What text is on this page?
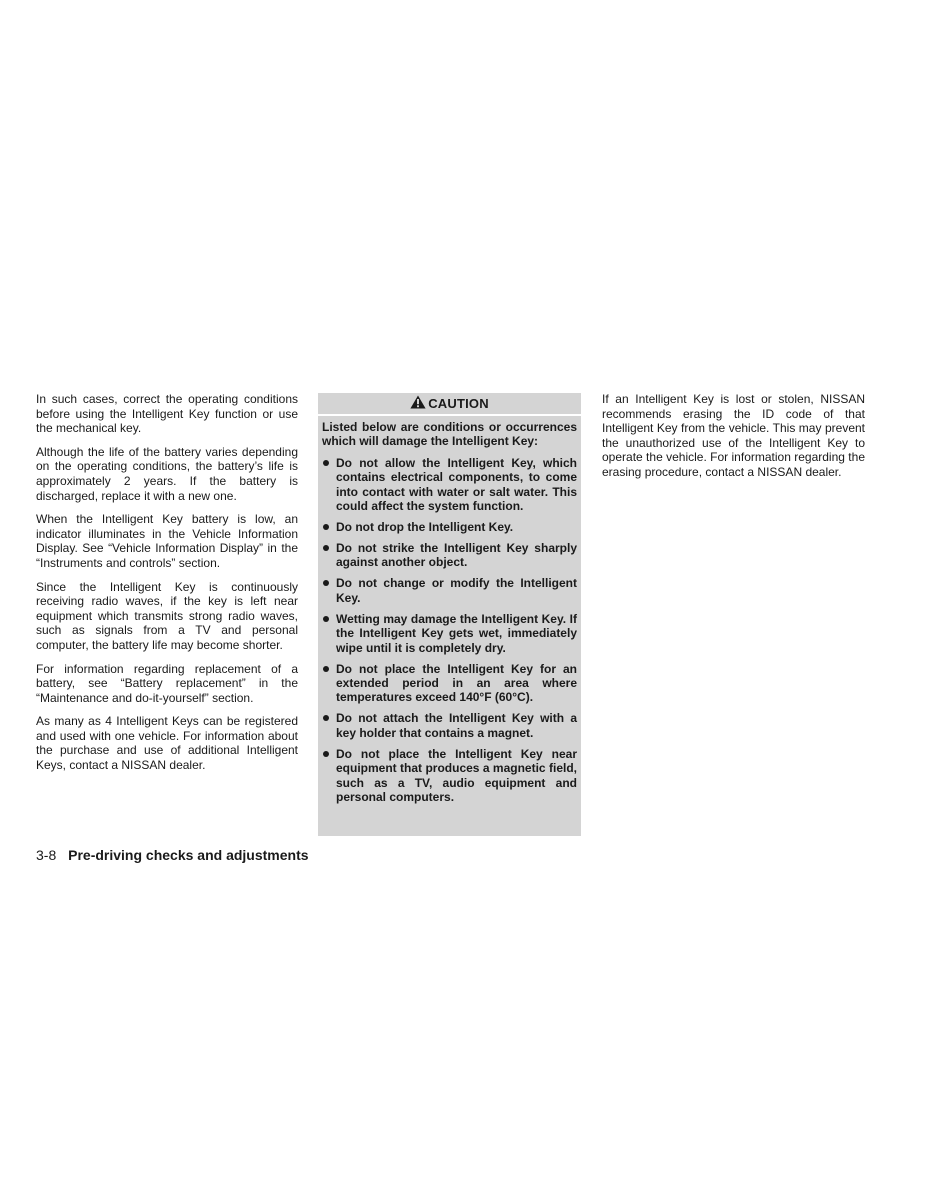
In such cases, correct the operating conditions before using the Intelligent Key function or use the mechanical key.

Although the life of the battery varies depending on the operating conditions, the battery’s life is approximately 2 years. If the battery is discharged, replace it with a new one.

When the Intelligent Key battery is low, an indicator illuminates in the Vehicle Information Display. See “Vehicle Information Display” in the “Instruments and controls” section.

Since the Intelligent Key is continuously receiving radio waves, if the key is left near equipment which transmits strong radio waves, such as signals from a TV and personal computer, the battery life may become shorter.

For information regarding replacement of a battery, see “Battery replacement” in the “Maintenance and do-it-yourself” section.

As many as 4 Intelligent Keys can be registered and used with one vehicle. For information about the purchase and use of additional Intelligent Keys, contact a NISSAN dealer.

CAUTION

Listed below are conditions or occurrences which will damage the Intelligent Key:

Do not allow the Intelligent Key, which contains electrical components, to come into contact with water or salt water. This could affect the system function.
Do not drop the Intelligent Key.
Do not strike the Intelligent Key sharply against another object.
Do not change or modify the Intelligent Key.
Wetting may damage the Intelligent Key. If the Intelligent Key gets wet, immediately wipe until it is completely dry.
Do not place the Intelligent Key for an extended period in an area where temperatures exceed 140°F (60°C).
Do not attach the Intelligent Key with a key holder that contains a magnet.
Do not place the Intelligent Key near equipment that produces a magnetic field, such as a TV, audio equipment and personal computers.

If an Intelligent Key is lost or stolen, NISSAN recommends erasing the ID code of that Intelligent Key from the vehicle. This may prevent the unauthorized use of the Intelligent Key to operate the vehicle. For information regarding the erasing procedure, contact a NISSAN dealer.

3-8 Pre-driving checks and adjustments
